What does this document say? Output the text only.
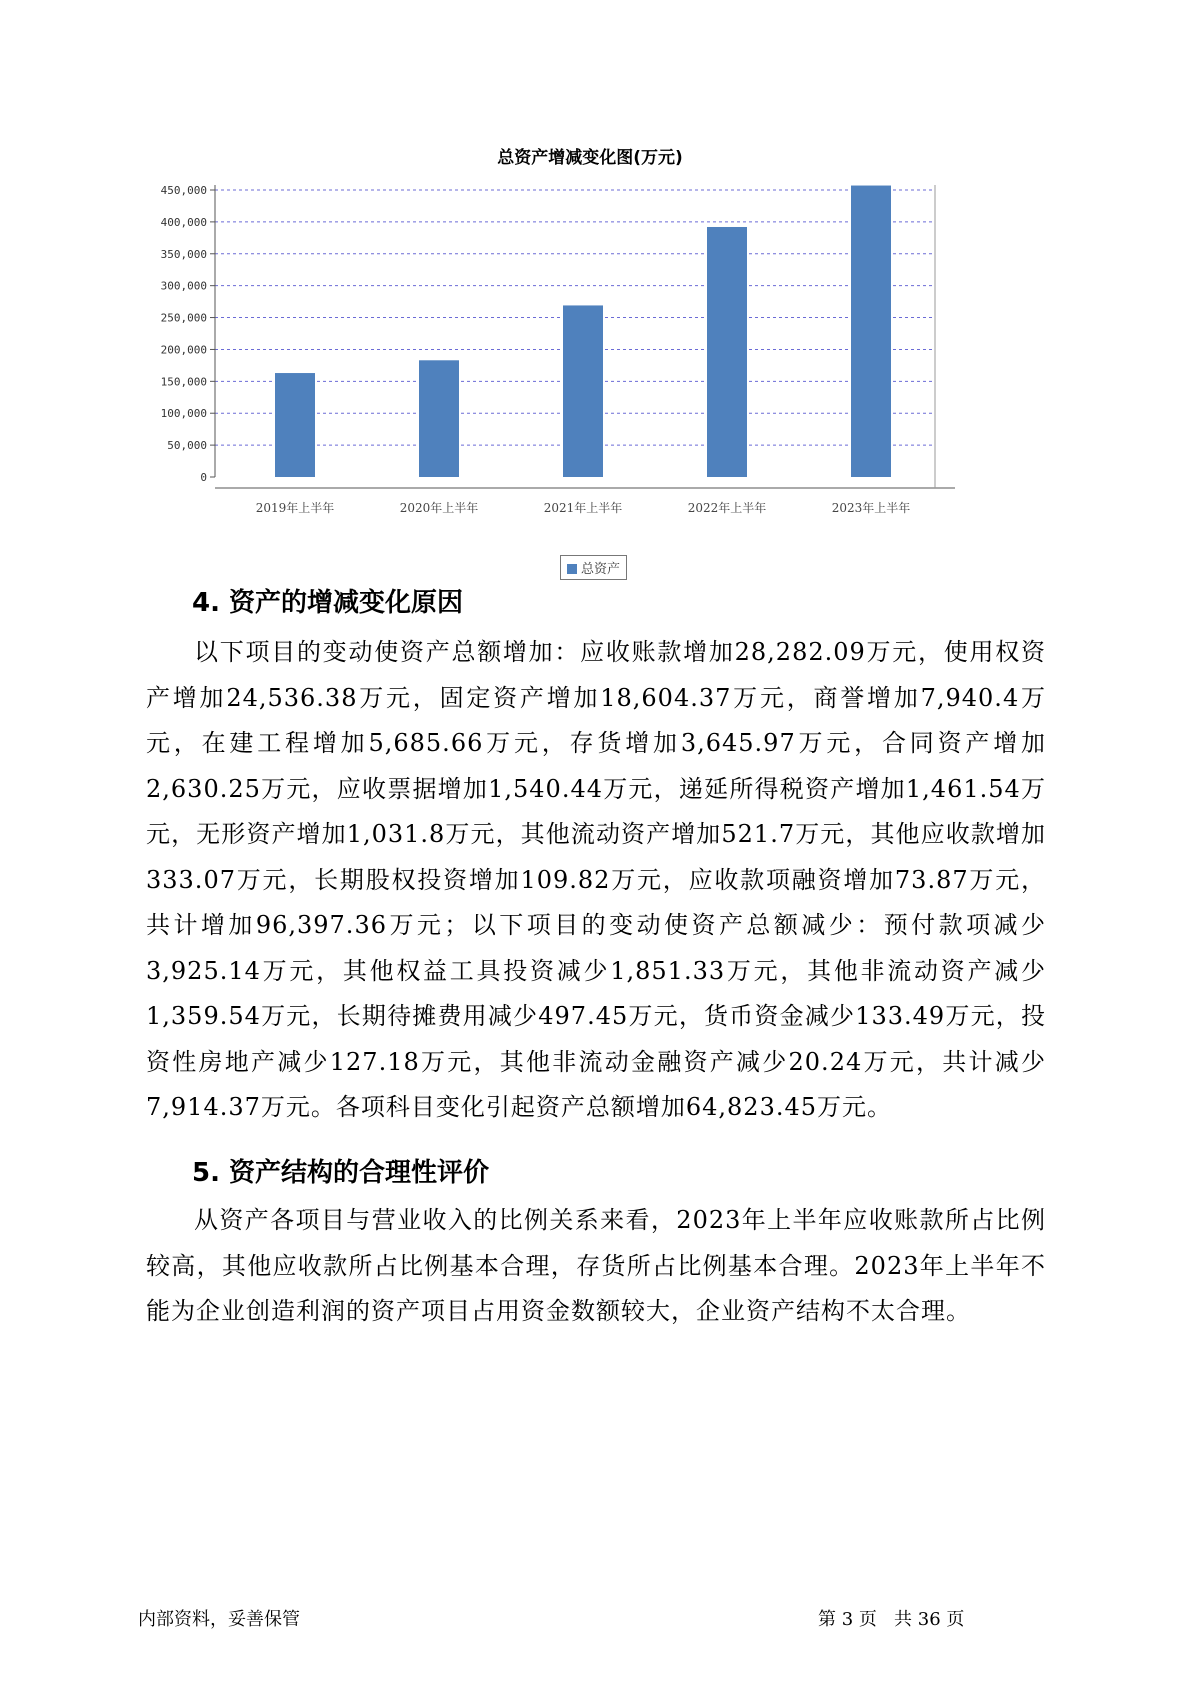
总资产增减变化图(万元)
0
50,000
100,000
150,000
200,000
250,000
300,000
350,000
400,000
450,000
2019年上半年	2020年上半年	2021年上半年	2022年上半年	2023年上半年
总资产
4. 资产的增减变化原因

以下项目的变动使资产总额增加：应收账款增加28,282.09万元，使用权资产增加24,536.38万元，固定资产增加18,604.37万元，商誉增加7,940.4万元，在建工程增加5,685.66万元，存货增加3,645.97万元，合同资产增加2,630.25万元，应收票据增加1,540.44万元，递延所得税资产增加1,461.54万元，无形资产增加1,031.8万元，其他流动资产增加521.7万元，其他应收款增加333.07万元，长期股权投资增加109.82万元，应收款项融资增加73.87万元，共计增加96,397.36万元；以下项目的变动使资产总额减少：预付款项减少3,925.14万元，其他权益工具投资减少1,851.33万元，其他非流动资产减少1,359.54万元，长期待摊费用减少497.45万元，货币资金减少133.49万元，投资性房地产减少127.18万元，其他非流动金融资产减少20.24万元，共计减少7,914.37万元。各项科目变化引起资产总额增加64,823.45万元。

5. 资产结构的合理性评价

从资产各项目与营业收入的比例关系来看，2023年上半年应收账款所占比例较高，其他应收款所占比例基本合理，存货所占比例基本合理。2023年上半年不能为企业创造利润的资产项目占用资金数额较大，企业资产结构不太合理。

内部资料，妥善保管	第 3 页   共 36 页
